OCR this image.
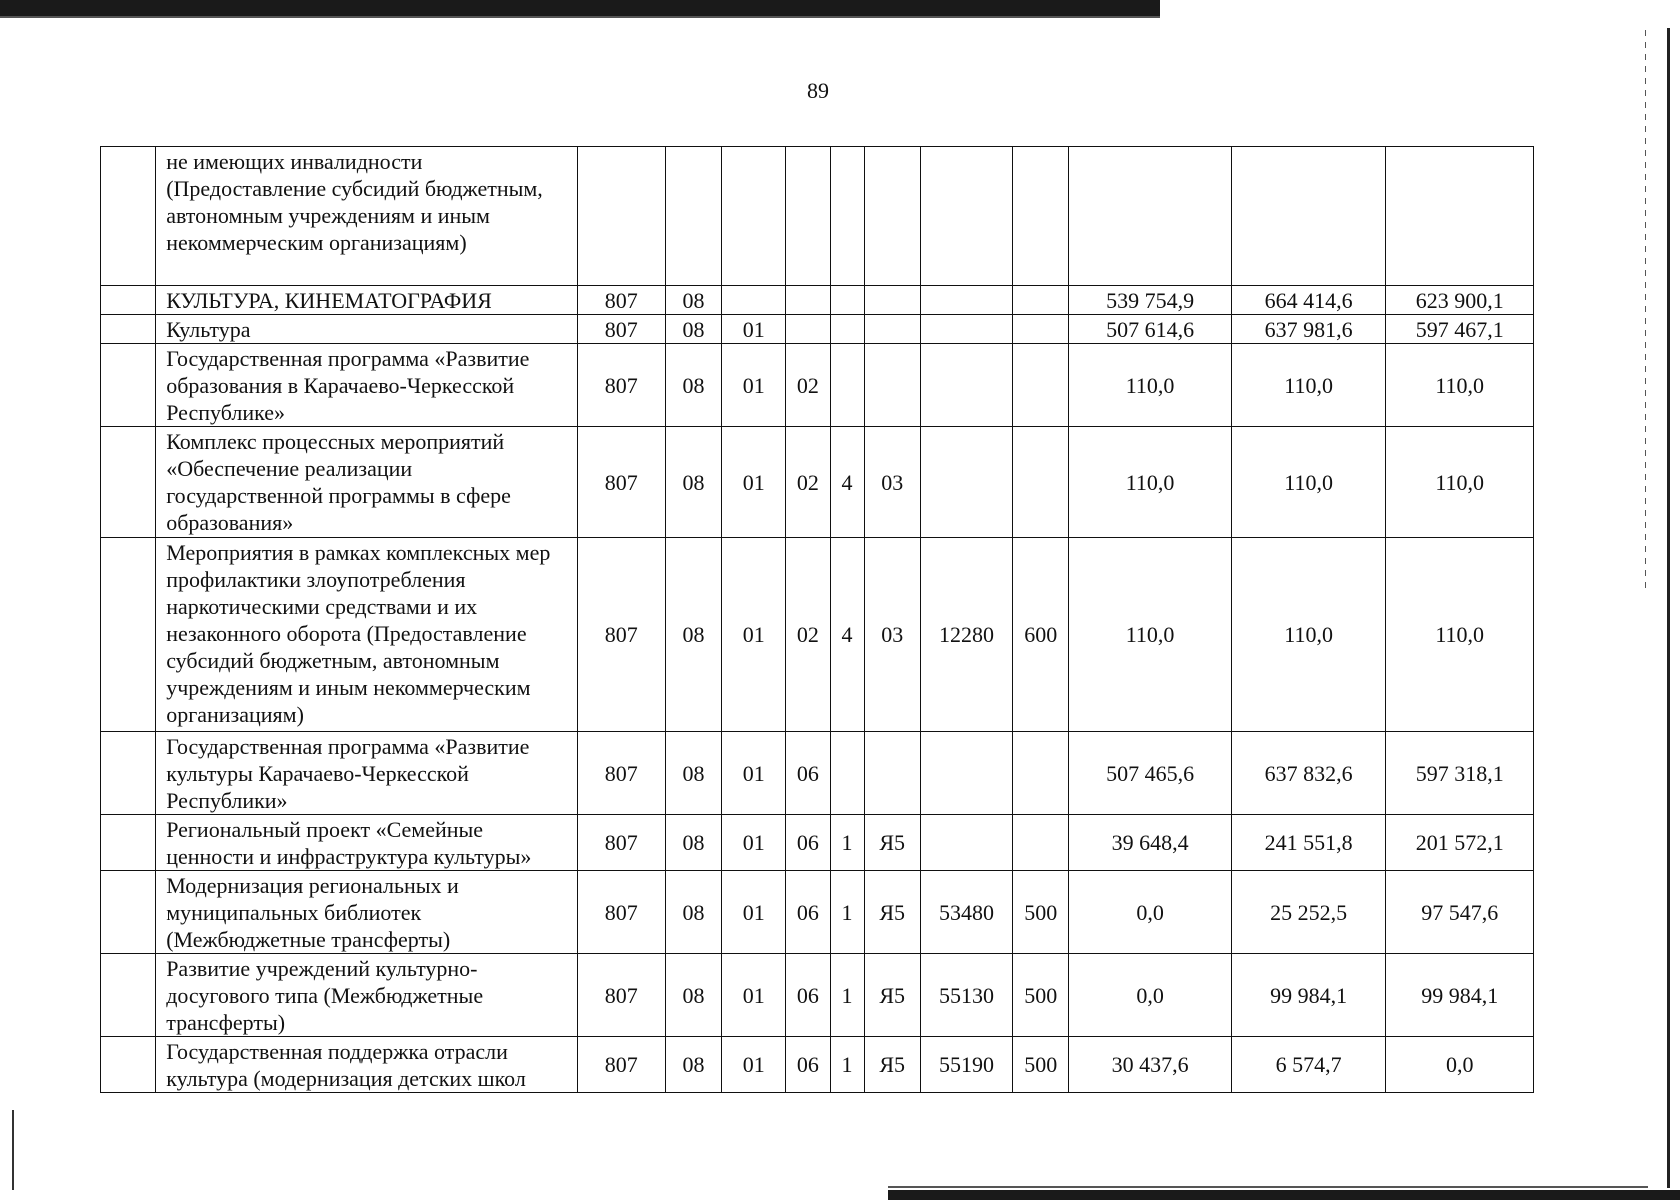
89
	не имеющих инвалидности (Предоставление субсидий бюджетным, автономным учреждениям и иным некоммерческим организациям)											
	КУЛЬТУРА, КИНЕМАТОГРАФИЯ	807	08							539 754,9	664 414,6	623 900,1
	Культура	807	08	01						507 614,6	637 981,6	597 467,1
	Государственная программа «Развитие образования в Карачаево-Черкесской Республике»	807	08	01	02					110,0	110,0	110,0
	Комплекс процессных мероприятий «Обеспечение реализации государственной программы в сфере образования»	807	08	01	02	4	03			110,0	110,0	110,0
	Мероприятия в рамках комплексных мер профилактики злоупотребления наркотическими средствами и их незаконного оборота (Предоставление субсидий бюджетным, автономным учреждениям и иным некоммерческим организациям)	807	08	01	02	4	03	12280	600	110,0	110,0	110,0
	Государственная программа «Развитие культуры Карачаево-Черкесской Республики»	807	08	01	06					507 465,6	637 832,6	597 318,1
	Региональный проект «Семейные ценности и инфраструктура культуры»	807	08	01	06	1	Я5			39 648,4	241 551,8	201 572,1
	Модернизация региональных и муниципальных библиотек (Межбюджетные трансферты)	807	08	01	06	1	Я5	53480	500	0,0	25 252,5	97 547,6
	Развитие учреждений культурно-досугового типа (Межбюджетные трансферты)	807	08	01	06	1	Я5	55130	500	0,0	99 984,1	99 984,1
	Государственная поддержка отрасли культура (модернизация детских школ	807	08	01	06	1	Я5	55190	500	30 437,6	6 574,7	0,0
